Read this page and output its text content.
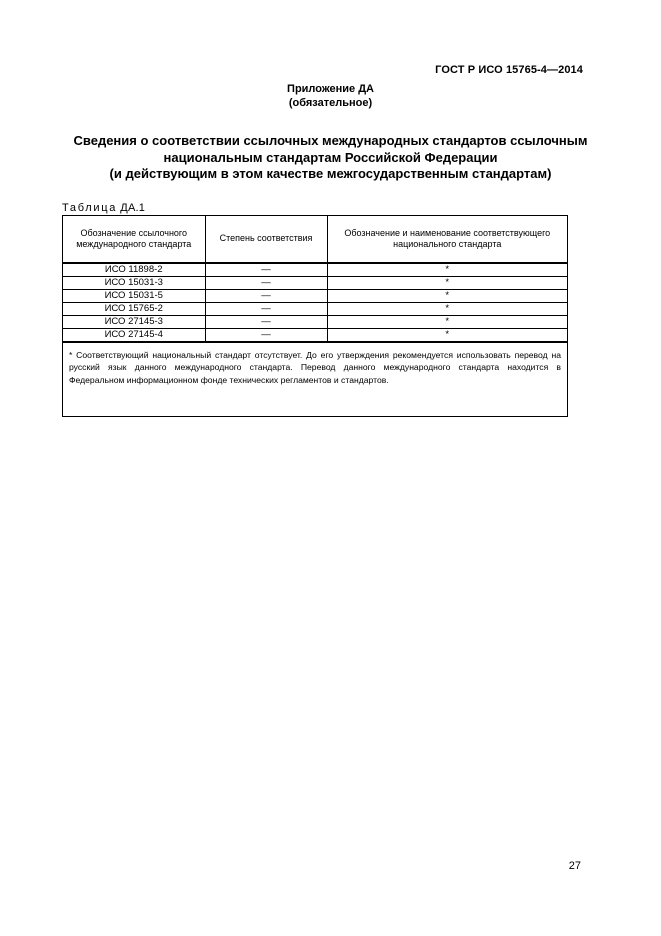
ГОСТ Р ИСО 15765-4—2014
Приложение ДА
(обязательное)
Сведения о соответствии ссылочных международных стандартов ссылочным
национальным стандартам Российской Федерации
(и действующим в этом качестве межгосударственным стандартам)
Таблица ДА.1
Обозначение ссылочного международного стандарта	Степень соответствия	Обозначение и наименование соответствующего национального стандарта
ИСО 11898-2	—	*
ИСО 15031-3	—	*
ИСО 15031-5	—	*
ИСО 15765-2	—	*
ИСО 27145-3	—	*
ИСО 27145-4	—	*

* Соответствующий национальный стандарт отсутствует. До его утверждения рекомендуется использовать перевод на русский язык данного международного стандарта. Перевод данного международного стандарта находится в Федеральном информационном фонде технических регламентов и стандартов.

27
